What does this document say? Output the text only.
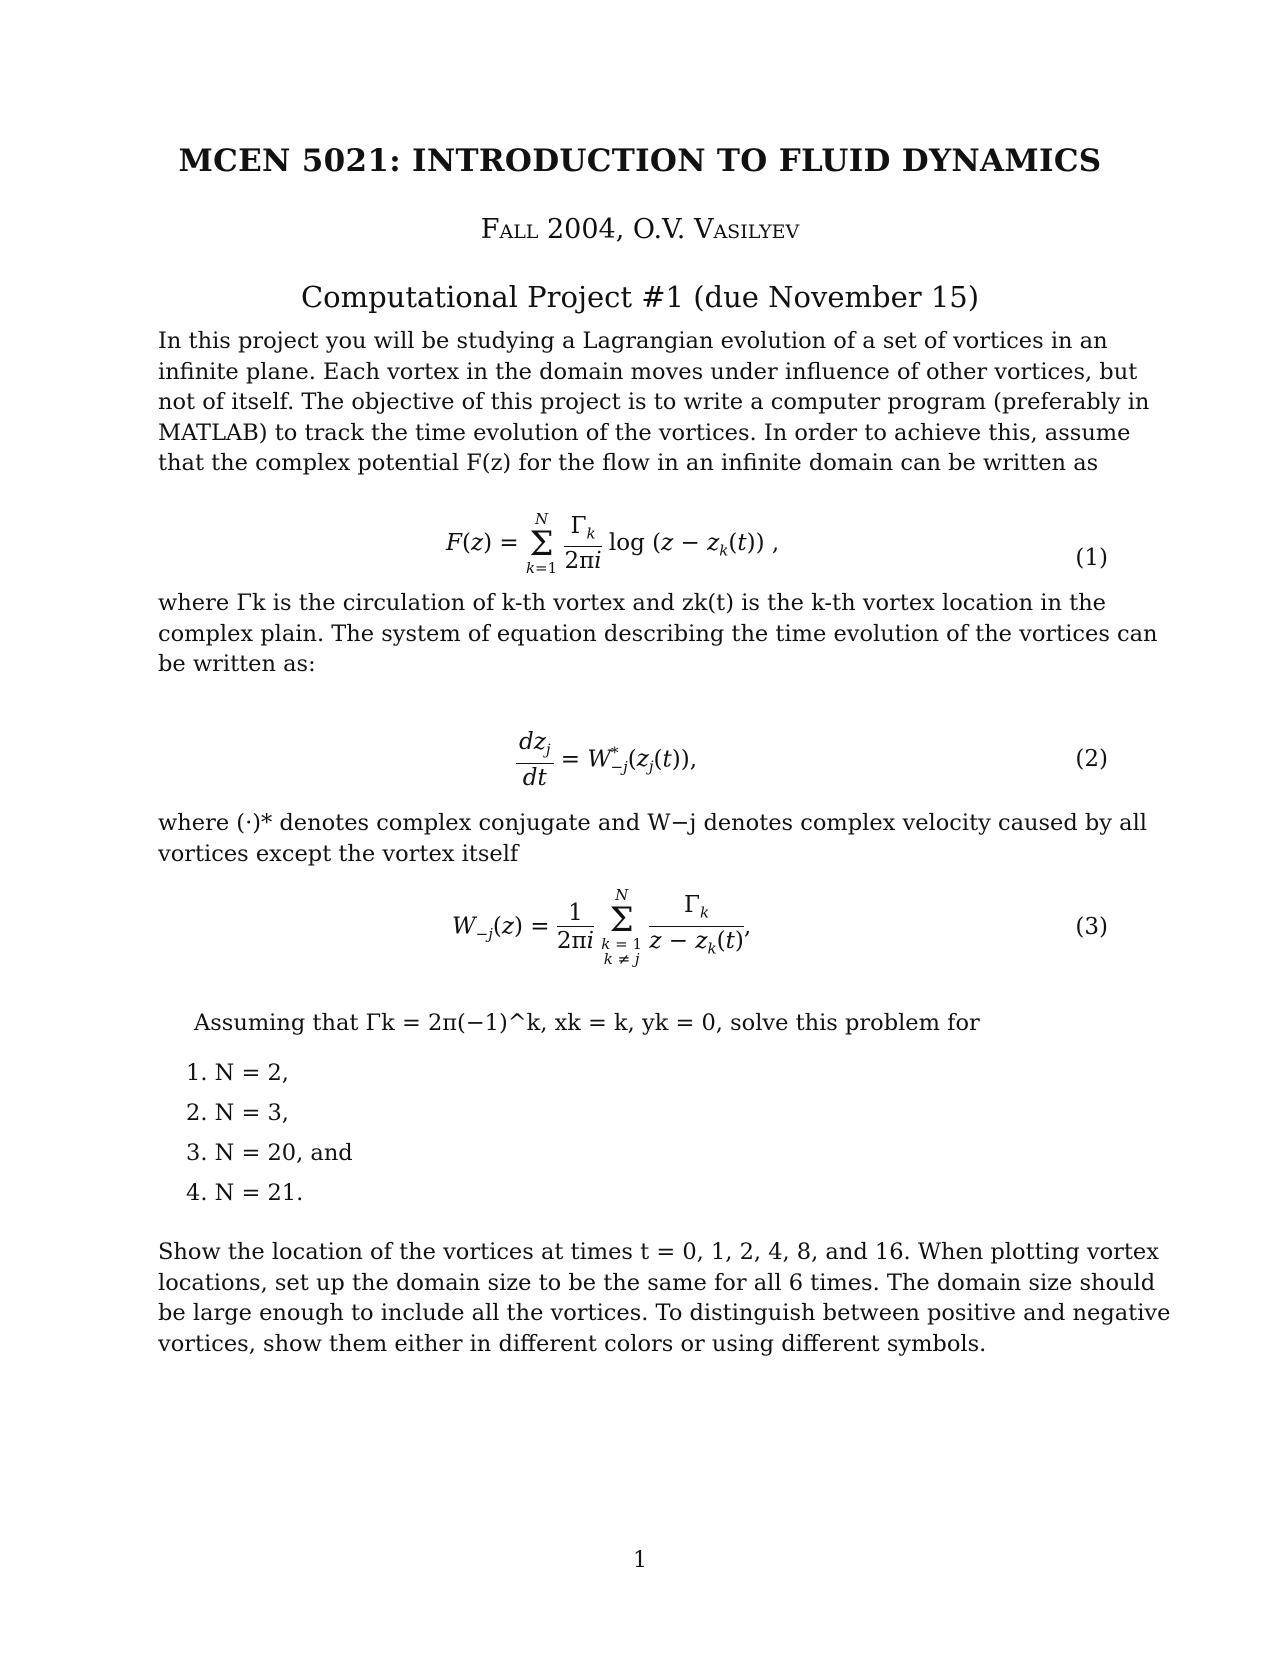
MCEN 5021: INTRODUCTION TO FLUID DYNAMICS
Fall 2004, O.V. Vasilyev
Computational Project #1 (due November 15)
In this project you will be studying a Lagrangian evolution of a set of vortices in an
infinite plane. Each vortex in the domain moves under influence of other vortices, but
not of itself. The objective of this project is to write a computer program (preferably in
MATLAB) to track the time evolution of the vortices. In order to achieve this, assume
that the complex potential F(z) for the flow in an infinite domain can be written as
F(z) =
N
Σ
k=1
$\frac{\Gamma_k}{2\pi i}$ $\log (z - z_k(t))$ ,
(1)
where Γk is the circulation of k-th vortex and zk(t) is the k-th vortex location in the
complex plain. The system of equation describing the time evolution of the vortices can
be written as:
$\frac{dz_j}{dt} = W^*_{-j}(z_j(t))$,	(2)
where (·)* denotes complex conjugate and W−j denotes complex velocity caused by all
vortices except the vortex itself
$W_{-j}(z) = \frac{1}{2\pi i}$

N
Σ
k = 1
k ≠ j
$\frac{\Gamma_k}{z - z_k(t)}$ ,	(3)
Assuming that Γk = 2π(−1)^k, xk = k, yk = 0, solve this problem for
1. N = 2,
2. N = 3,
3. N = 20, and
4. N = 21.
Show the location of the vortices at times t = 0, 1, 2, 4, 8, and 16. When plotting vortex
locations, set up the domain size to be the same for all 6 times. The domain size should
be large enough to include all the vortices. To distinguish between positive and negative
vortices, show them either in different colors or using different symbols.
1
